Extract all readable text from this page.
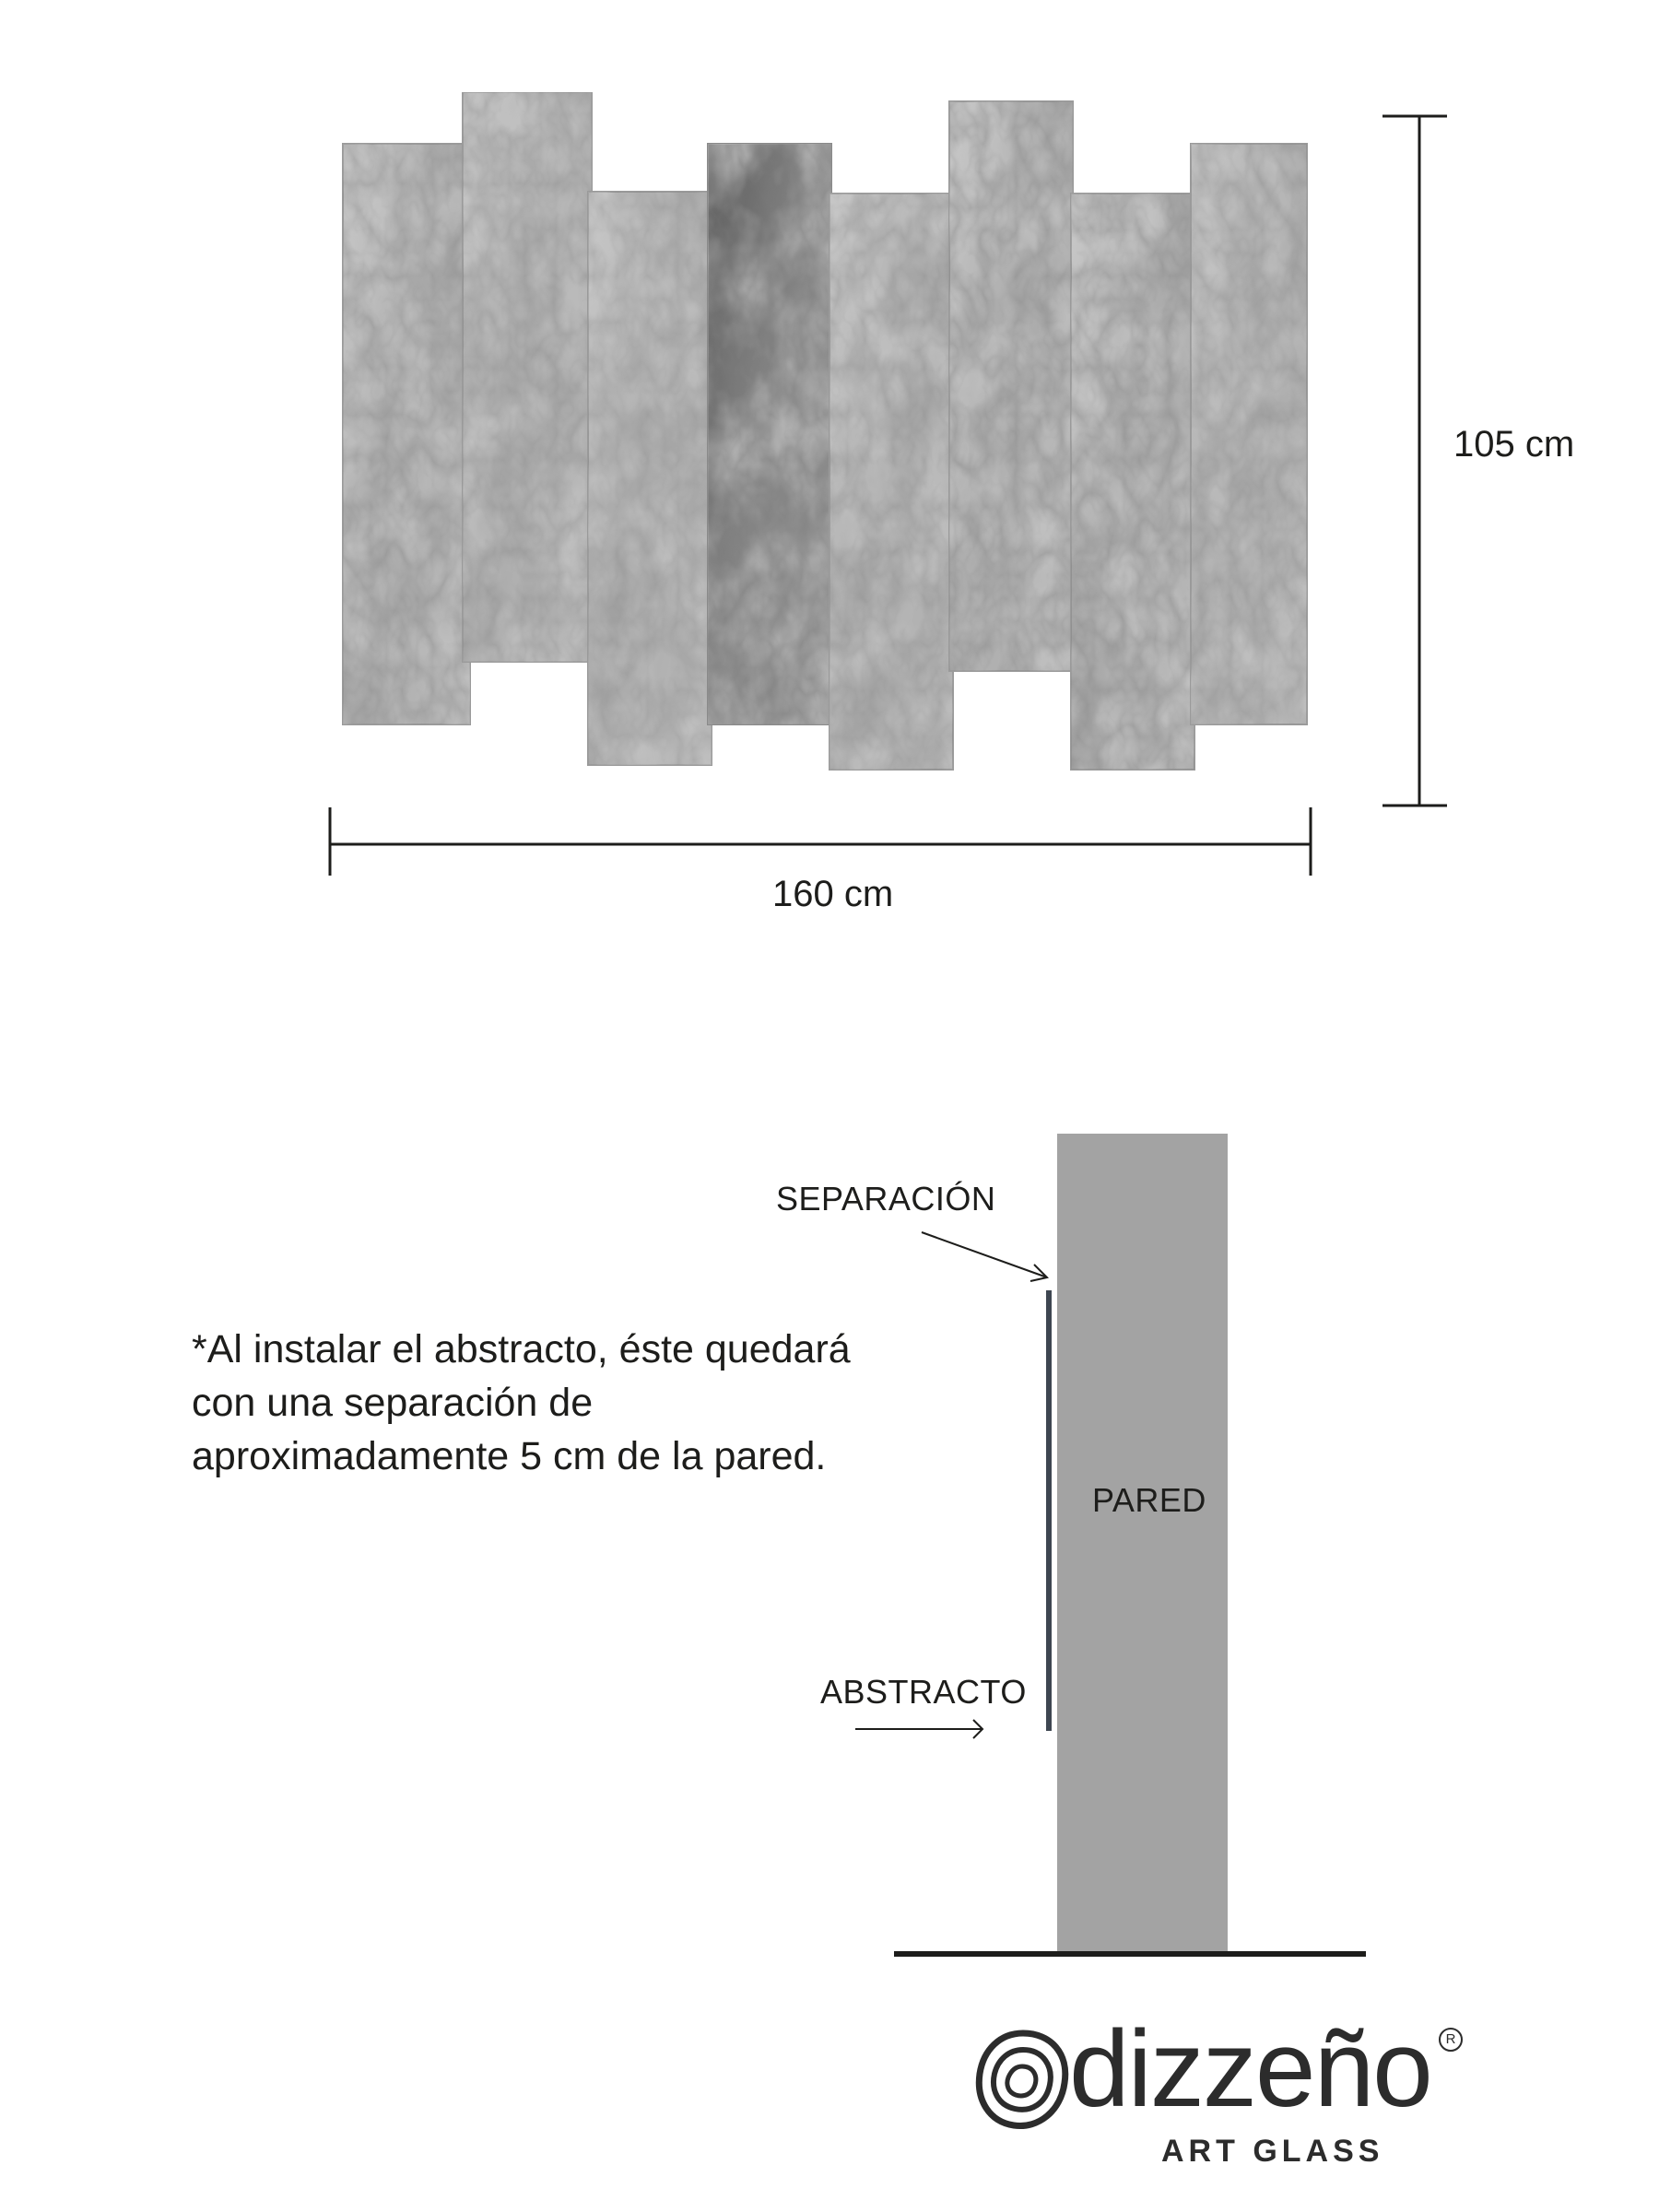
160 cm
105 cm
*Al instalar el abstracto, éste quedará con una separación de aproximadamente 5 cm de la pared.
SEPARACIÓN
ABSTRACTO
PARED
dizzeño	R
ART GLASS
